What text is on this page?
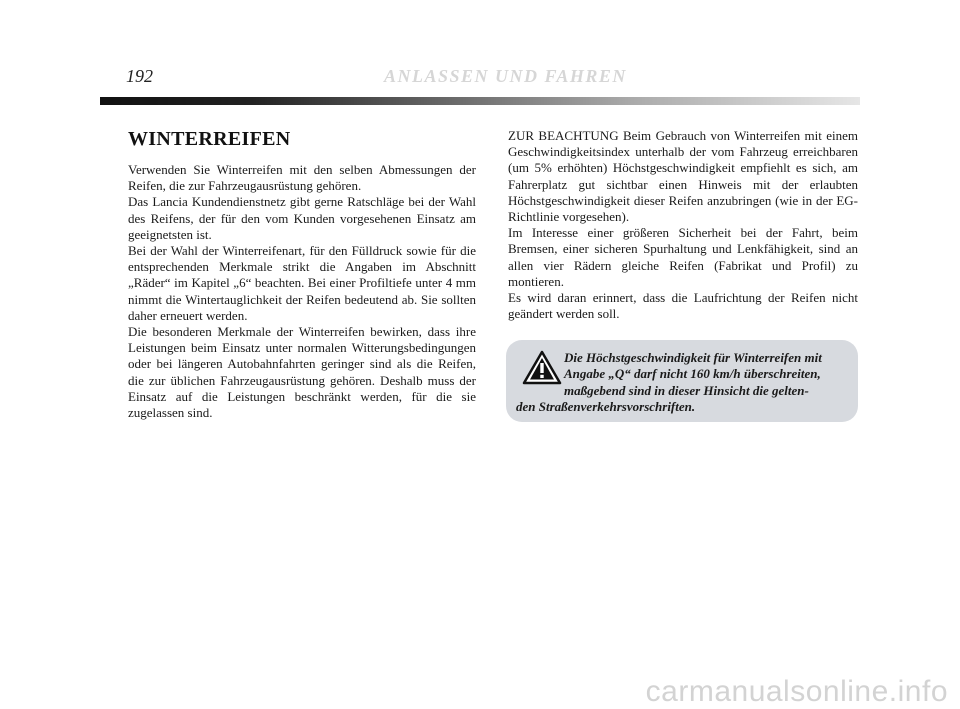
192	ANLASSEN UND FAHREN
WINTERREIFEN

Verwenden Sie Winterreifen mit den selben Abmessungen der Reifen, die zur Fahrzeugausrüstung gehören.

Das Lancia Kundendienstnetz gibt gerne Ratschläge bei der Wahl des Reifens, der für den vom Kunden vorgesehenen Einsatz am geeignetsten ist.

Bei der Wahl der Winterreifenart, für den Fülldruck sowie für die entsprechenden Merkmale strikt die Angaben im Abschnitt „Räder“ im Kapitel „6“ beachten. Bei einer Profiltiefe unter 4 mm nimmt die Wintertauglichkeit der Reifen bedeutend ab. Sie sollten daher erneuert werden.

Die besonderen Merkmale der Winterreifen bewirken, dass ihre Leistungen beim Einsatz unter normalen Witterungsbedingungen oder bei längeren Autobahnfahrten geringer sind als die Reifen, die zur üblichen Fahrzeugausrüstung gehören. Deshalb muss der Einsatz auf die Leistungen beschränkt werden, für die sie zugelassen sind.

ZUR BEACHTUNG Beim Gebrauch von Winterreifen mit einem Geschwindigkeitsindex unterhalb der vom Fahrzeug erreichbaren (um 5% erhöhten) Höchstgeschwindigkeit empfiehlt es sich, am Fahrerplatz gut sichtbar einen Hinweis mit der erlaubten Höchstgeschwindigkeit dieser Reifen anzubringen (wie in der EG-Richtlinie vorgesehen).

Im Interesse einer größeren Sicherheit bei der Fahrt, beim Bremsen, einer sicheren Spurhaltung und Lenkfähigkeit, sind an allen vier Rädern gleiche Reifen (Fabrikat und Profil) zu montieren.

Es wird daran erinnert, dass die Laufrichtung der Reifen nicht geändert werden soll.

Die Höchstgeschwindigkeit für Winterreifen mit Angabe „Q“ darf nicht 160 km/h überschreiten, maßgebend sind in dieser Hinsicht die gelten-
den Straßenverkehrsvorschriften.
carmanualsonline.info
